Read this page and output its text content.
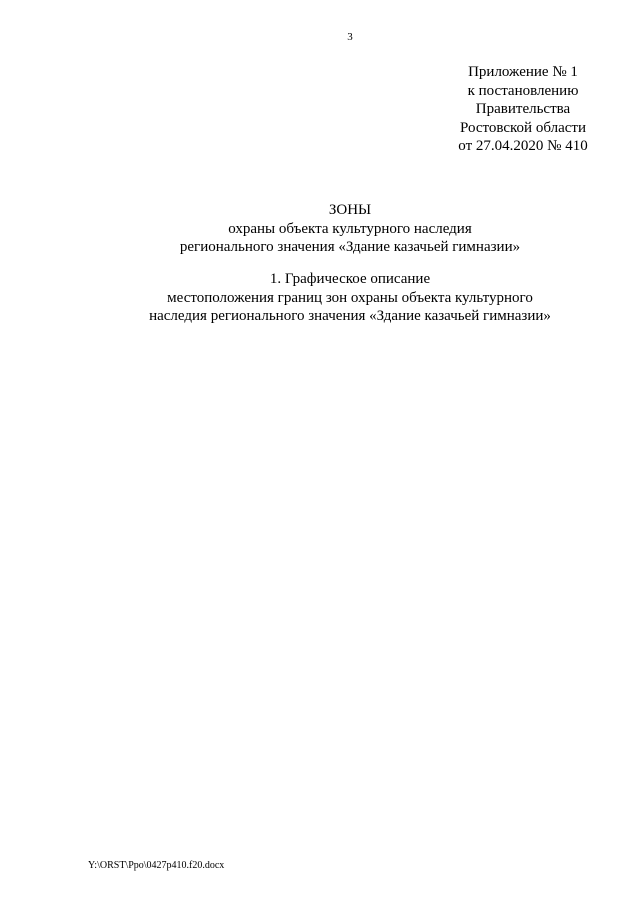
3
Приложение № 1
к постановлению
Правительства
Ростовской области
от 27.04.2020 № 410
ЗОНЫ
охраны объекта культурного наследия
регионального значения «Здание казачьей гимназии»
1. Графическое описание
местоположения границ зон охраны объекта культурного
наследия регионального значения «Здание казачьей гимназии»
Y:\ORST\Ppo\0427p410.f20.docx
